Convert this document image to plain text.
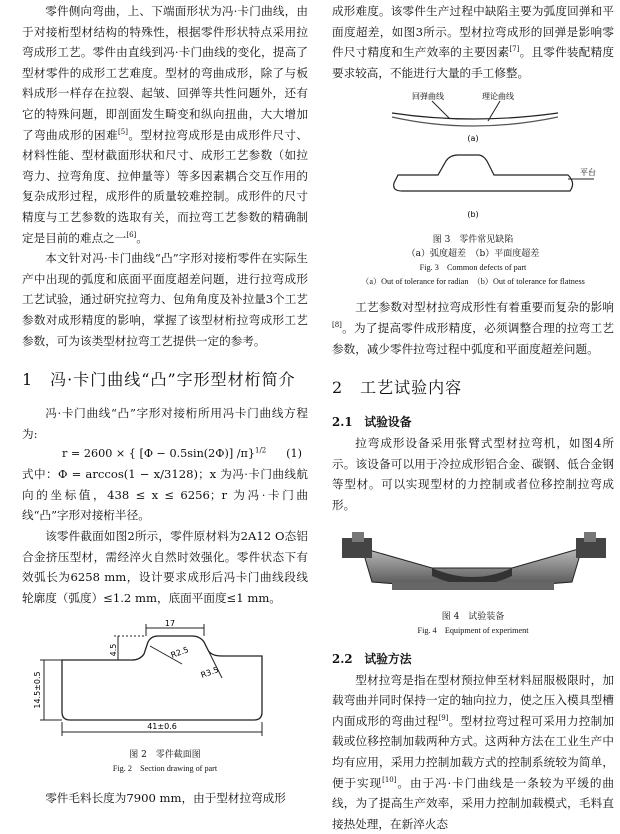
零件侧向弯曲，上、下端面形状为冯·卡门曲线，由于对接桁型材结构的特殊性，根据零件形状特点采用拉弯成形工艺。零件由直线到冯·卡门曲线的变化，提高了型材零件的成形工艺难度。型材的弯曲成形，除了与板料成形一样存在拉裂、起皱、回弹等共性问题外，还有它的特殊问题，即剖面发生畸变和纵向扭曲，大大增加了弯曲成形的困难[5]。型材拉弯成形是由成形件尺寸、材料性能、型材截面形状和尺寸、成形工艺参数（如拉弯力、拉弯角度、拉伸量等）等多因素耦合交互作用的复杂成形过程，成形件的质量较难控制。成形件的尺寸精度与工艺参数的选取有关，而拉弯工艺参数的精确制定是目前的难点之一[6]。

本文针对冯·卡门曲线“凸”字形对接桁零件在实际生产中出现的弧度和底面平面度超差问题，进行拉弯成形工艺试验，通过研究拉弯力、包角角度及补拉量3个工艺参数对成形精度的影响，掌握了该型材桁拉弯成形工艺参数，可为该类型材拉弯工艺提供一定的参考。

1　冯·卡门曲线“凸”字形型材桁简介

冯·卡门曲线“凸”字形对接桁所用冯卡门曲线方程为:

r = 2600 × { [Φ − 0.5sin(2Φ)] /π}$^{1/2}$ (1)

式中：Φ = arccos(1 − x/3128)；x 为冯·卡门曲线航向的坐标值，438 ≤ x ≤ 6256；r 为冯·卡门曲线“凸”字形对接桁半径。

该零件截面如图2所示，零件原材料为2A12 O态铝合金挤压型材，需经淬火自然时效强化。零件状态下有效弧长为6258 mm，设计要求成形后冯卡门曲线段线轮廓度（弧度）≤1.2 mm，底面平面度≤1 mm。

17
4.5
14.5±0.5
R2.5
R3.5
41±0.6
图 2　零件截面图
Fig. 2　Section drawing of part

零件毛料长度为7900 mm，由于型材拉弯成形

成形难度。该零件生产过程中缺陷主要为弧度回弹和平面度超差，如图3所示。型材拉弯成形的回弹是影响零件尺寸精度和生产效率的主要因素[7]。且零件装配精度要求较高，不能进行大量的手工修整。

回弹曲线	理论曲线
(a)
平台
(b)
图 3　零件常见缺陷
（a）弧度超差　（b）平面度超差
Fig. 3　Common defects of part
（a）Out of tolerance for radian　（b）Out of tolerance for flatness

工艺参数对型材拉弯成形性有着重要而复杂的影响[8]。为了提高零件成形精度，必须调整合理的拉弯工艺参数，减少零件拉弯过程中弧度和平面度超差问题。

2　工艺试验内容
2.1　试验设备

拉弯成形设备采用张臂式型材拉弯机，如图4所示。该设备可以用于冷拉成形铝合金、碳钢、低合金钢等型材。可以实现型材的力控制或者位移控制拉弯成形。

图 4　试验装备
Fig. 4　Equipment of experiment
2.2　试验方法

型材拉弯是指在型材预拉伸至材料屈服极限时，加载弯曲并同时保持一定的轴向拉力，使之压入模具型槽内面成形的弯曲过程[9]。型材拉弯过程可采用力控制加载或位移控制加载两种方式。这两种方法在工业生产中均有应用，采用力控制加载方式的控制系统较为简单，便于实现[10]。由于冯·卡门曲线是一条较为平缓的曲线，为了提高生产效率，采用力控制加载模式，毛料直接热处理，在新淬火态
